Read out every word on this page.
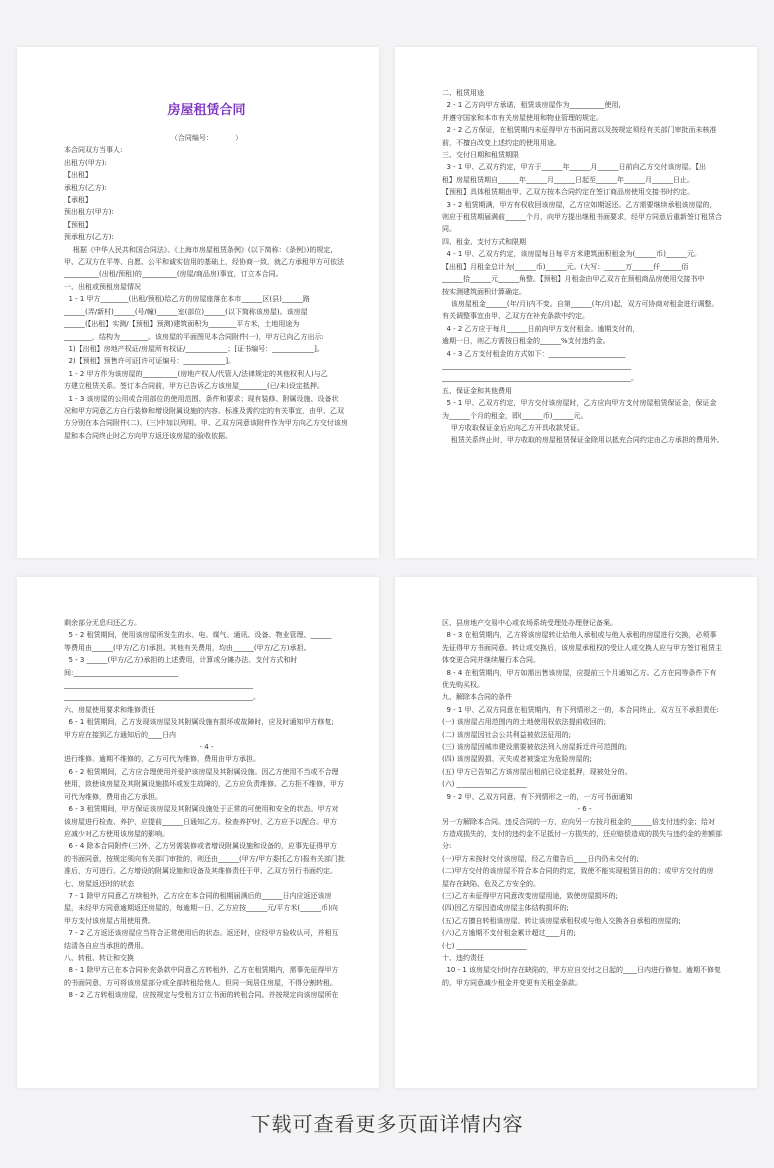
房屋租赁合同
（合同编号：          ）
本合同双方当事人:
出租方(甲方):
【出租】
承租方(乙方):
【承租】
预出租方(甲方):
【预租】
预承租方(乙方):
根据《中华人民共和国合同法》、《上海市房屋租赁条例》(以下简称：《条例》)的规定,
甲、乙双方在平等、自愿、公平和诚实信用的基础上，经协商一致，就乙方承租甲方可依法
__________(出租/预租)的__________(房屋/商品房)事宜，订立本合同。
一、出租或预租房屋情况
1 - 1 甲方________(出租/预租)给乙方的房屋座落在本市______区(县)______路
______(弄/新村)______(号/幢)______室(部位)______(以下简称该房屋)。该房屋
______(【出租】实测/【预租】预测)建筑面积为________平方米，土地用途为
________，结构为________。该房屋的平面图见本合同附件(一)，甲方已向乙方出示:
1)【出租】房地产权证/房屋所有权证/____________；[证书编号：____________]。
2)【预租】预售许可证[许可证编号：____________]。
1 - 2 甲方作为该房屋的__________(房地产权人/代管人/法律规定的其他权利人)与乙
方建立租赁关系。签订本合同前，甲方已告诉乙方该房屋________(已/未)设定抵押。
1 - 3 该房屋的公用或合用部位的使用范围、条件和要求；现有装修、附属设施、设备状
况和甲方同意乙方自行装修和增设附属设施的内容、标准及需约定的有关事宜，由甲、乙双
方分别在本合同附件(二)、(三)中加以列明。甲、乙双方同意该附件作为甲方向乙方交付该房
屋和本合同终止时乙方向甲方返还该房屋的验收依据。
二、租赁用途
2 - 1 乙方向甲方承诺，租赁该房屋作为__________使用,
并遵守国家和本市有关房屋使用和物业管理的规定。
2 - 2 乙方保证，在租赁期内未征得甲方书面同意以及按规定须经有关部门审批而未核准
前，不擅自改变上述约定的使用用途。
三、交付日期和租赁期限
3 - 1 甲、乙双方约定，甲方于______年______月______日前向乙方交付该房屋。【出
租】房屋租赁期自______年______月______日起至______年______月______日止。
【预租】具体租赁期由甲、乙双方按本合同约定在签订商品房使用交接书时约定。
3 - 2 租赁期满，甲方有权收回该房屋，乙方应如期返还。乙方需要继续承租该房屋的，
则应于租赁期届满前______个月，向甲方提出继租书面要求，经甲方同意后重新签订租赁合
同。
四、租金、支付方式和限期
4 - 1 甲、乙双方约定，该房屋每日每平方米建筑面积租金为(______币)______元。
【出租】月租金总计为(______币)______元。(大写：______万______仟______佰
______拾______元______角整。【预租】月租金由甲乙双方在预租商品房使用交接书中
按实测建筑面积计算确定。
该房屋租金______(年/月)内不变。自第______(年/月)起，双方可协商对租金进行调整。
有关调整事宜由甲、乙双方在补充条款中约定。
4 - 2 乙方应于每月______日前向甲方支付租金。逾期支付的，
逾期一日，则乙方需按日租金的______%支付违约金。
4 - 3 乙方支付租金的方式如下：______________________
______________________________________________________
______________________________________________________。
五、保证金和其他费用
5 - 1 甲、乙双方约定，甲方交付该房屋时，乙方应向甲方支付房屋租赁保证金，保证金
为______个月的租金，即(______币)______元。
甲方收取保证金后应向乙方开具收款凭证。
租赁关系终止时，甲方收取的房屋租赁保证金除用以抵充合同约定由乙方承担的费用外,
剩余部分无息归还乙方。
5 - 2 租赁期间，使用该房屋所发生的水、电、煤气、通讯、设备、物业管理、______
等费用由______(甲方/乙方)承担。其他有关费用，均由______(甲方/乙方)承担。
5 - 3 ______(甲方/乙方)承担的上述费用，计算或分摊办法、支付方式和时
间:______________________________
______________________________________________________
______________________________________________________。
六、房屋使用要求和维修责任
6 - 1 租赁期间，乙方发现该房屋及其附属设施有损坏或故障时，应及时通知甲方修复;
甲方应在接到乙方通知后的____日内
- 4 -
进行维修。逾期不维修的，乙方可代为维修，费用由甲方承担。
6 - 2 租赁期间，乙方应合理使用并爱护该房屋及其附属设施。因乙方使用不当或不合理
使用，致使该房屋及其附属设施损坏或发生故障的，乙方应负责维修。乙方拒不维修，甲方
可代为维修，费用由乙方承担。
6 - 3 租赁期间，甲方保证该房屋及其附属设施处于正常的可使用和安全的状态。甲方对
该房屋进行检查、养护，应提前______日通知乙方。检查养护时，乙方应予以配合。甲方
应减少对乙方使用该房屋的影响。
6 - 4 除本合同附件(三)外，乙方另需装修或者增设附属设施和设备的，应事先征得甲方
的书面同意，按规定须向有关部门审批的，则还由______(甲方/甲方委托乙方)报有关部门批
准后，方可进行。乙方增设的附属设施和设备及其维修责任于甲、乙双方另行书面约定。
七、房屋返还时的状态
7 - 1 除甲方同意乙方续租外，乙方应在本合同的租期届满后的______日内应返还该房
屋，未经甲方同意逾期返还房屋的，每逾期一日，乙方应按______元/平方米(______币)向
甲方支付该房屋占用使用费。
7 - 2 乙方返还该房屋应当符合正常使用后的状态。返还时，应经甲方验收认可，并相互
结清各自应当承担的费用。
八、转租、转让和交换
8 - 1 除甲方已在本合同补充条款中同意乙方转租外，乙方在租赁期内，需事先征得甲方
的书面同意，方可将该房屋部分或全部转租给他人。但同一间居住房屋，不得分割转租。
8 - 2 乙方转租该房屋，应按规定与受租方订立书面的转租合同。并按规定向该房屋所在
区、县房地产交易中心或农场系统受理处办理登记备案。
8 - 3 在租赁期内，乙方将该房屋转让给他人承租或与他人承租的房屋进行交换，必须事
先征得甲方书面同意。转让或交换后，该房屋承租权的受让人或交换人应与甲方签订租赁主
体变更合同并继续履行本合同。
8 - 4 在租赁期内，甲方如需出售该房屋，应提前三个月通知乙方。乙方在同等条件下有
优先购买权。
九、解除本合同的条件
9 - 1 甲、乙双方同意在租赁期内，有下列情形之一的，本合同终止，双方互不承担责任:
(一) 该房屋占用范围内的土地使用权依法提前收回的;
(二) 该房屋因社会公共利益被依法征用的;
(三) 该房屋因城市建设需要被依法列入房屋拆迁许可范围的;
(四) 该房屋毁损、灭失或者被鉴定为危险房屋的;
(五) 甲方已告知乙方该房屋出租前已设定抵押，现被处分的。
(六) ____________________
9 - 2 甲、乙双方同意，有下列情形之一的，一方可书面通知
- 6 -
另一方解除本合同。违反合同的一方，应向另一方按月租金的______倍支付违约金；给对
方造成损失的，支付的违约金不足抵付一方损失的，还应赔偿造成的损失与违约金的差额部
分:
(一)甲方未按时交付该房屋，经乙方催告后____日内仍未交付的;
(二)甲方交付的该房屋不符合本合同的约定，致使不能实现租赁目的的；或甲方交付的房
屋存在缺陷、危及乙方安全的。
(三)乙方未征得甲方同意改变房屋用途，致使房屋损坏的;
(四)因乙方原因造成房屋主体结构损坏的;
(五)乙方擅自转租该房屋、转让该房屋承租权或与他人交换各自承租的房屋的;
(六)乙方逾期不支付租金累计超过____月的;
(七) ____________________
十、违约责任
10 - 1 该房屋交付时存在缺陷的，甲方应自交付之日起的____日内进行修复。逾期不修复
的，甲方同意减少租金并变更有关租金条款。
下载可查看更多页面详情内容
